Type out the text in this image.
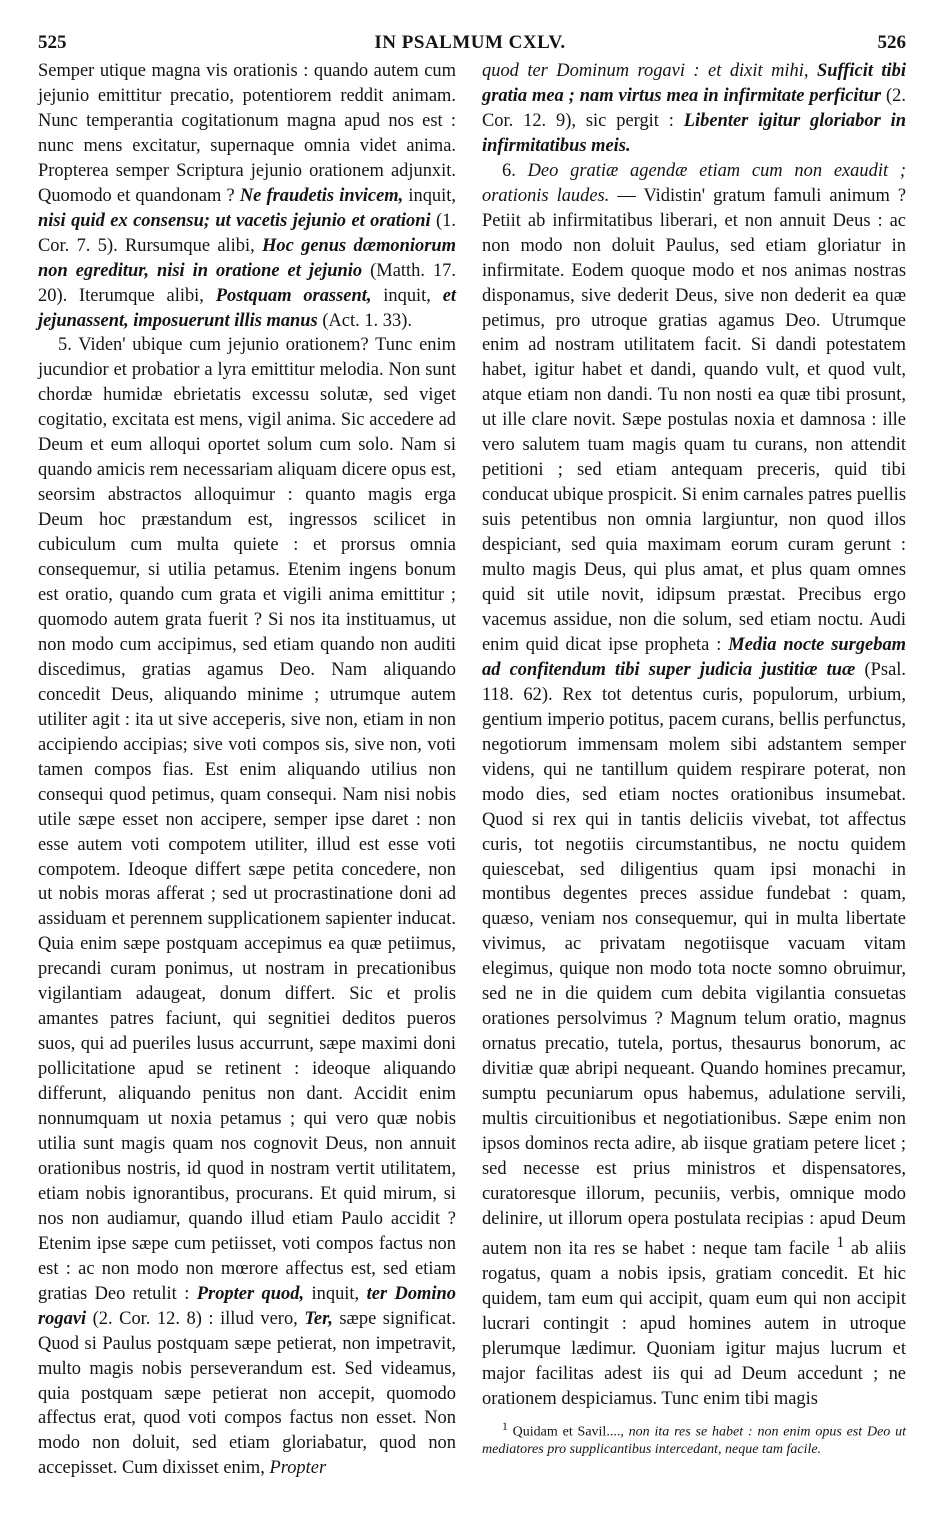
525	IN PSALMUM CXLV.	526

Semper utique magna vis orationis : quando autem cum jejunio emittitur precatio, potentiorem reddit animam. Nunc temperantia cogitationum magna apud nos est : nunc mens excitatur, supernaque omnia videt anima. Propterea semper Scriptura jejunio orationem adjunxit. Quomodo et quandonam ? Ne fraudetis invicem, inquit, nisi quid ex consensu; ut vacetis jejunio et orationi (1. Cor. 7. 5). Rursumque alibi, Hoc genus dæmoniorum non egreditur, nisi in oratione et jejunio (Matth. 17. 20). Iterumque alibi, Postquam orassent, inquit, et jejunassent, imposuerunt illis manus (Act. 1. 33).

5. Viden' ubique cum jejunio orationem? Tunc enim jucundior et probatior a lyra emittitur melodia. Non sunt chordæ humidæ ebrietatis excessu solutæ, sed viget cogitatio, excitata est mens, vigil anima. Sic accedere ad Deum et eum alloqui oportet solum cum solo. Nam si quando amicis rem necessariam aliquam dicere opus est, seorsim abstractos alloquimur : quanto magis erga Deum hoc præstandum est, ingressos scilicet in cubiculum cum multa quiete : et prorsus omnia consequemur, si utilia petamus. Etenim ingens bonum est oratio, quando cum grata et vigili anima emittitur ; quomodo autem grata fuerit ? Si nos ita instituamus, ut non modo cum accipimus, sed etiam quando non auditi discedimus, gratias agamus Deo. Nam aliquando concedit Deus, aliquando minime ; utrumque autem utiliter agit : ita ut sive acceperis, sive non, etiam in non accipiendo accipias; sive voti compos sis, sive non, voti tamen compos fias. Est enim aliquando utilius non consequi quod petimus, quam consequi. Nam nisi nobis utile sæpe esset non accipere, semper ipse daret : non esse autem voti compotem utiliter, illud est esse voti compotem. Ideoque differt sæpe petita concedere, non ut nobis moras afferat ; sed ut procrastinatione doni ad assiduam et perennem supplicationem sapienter inducat. Quia enim sæpe postquam accepimus ea quæ petiimus, precandi curam ponimus, ut nostram in precationibus vigilantiam adaugeat, donum differt. Sic et prolis amantes patres faciunt, qui segnitiei deditos pueros suos, qui ad pueriles lusus accurrunt, sæpe maximi doni pollicitatione apud se retinent : ideoque aliquando differunt, aliquando penitus non dant. Accidit enim nonnumquam ut noxia petamus ; qui vero quæ nobis utilia sunt magis quam nos cognovit Deus, non annuit orationibus nostris, id quod in nostram vertit utilitatem, etiam nobis ignorantibus, procurans. Et quid mirum, si nos non audiamur, quando illud etiam Paulo accidit ? Etenim ipse sæpe cum petiisset, voti compos factus non est : ac non modo non mœrore affectus est, sed etiam gratias Deo retulit : Propter quod, inquit, ter Domino rogavi (2. Cor. 12. 8) : illud vero, Ter, sæpe significat. Quod si Paulus postquam sæpe petierat, non impetravit, multo magis nobis perseverandum est. Sed videamus, quia postquam sæpe petierat non accepit, quomodo affectus erat, quod voti compos factus non esset. Non modo non doluit, sed etiam gloriabatur, quod non accepisset. Cum dixisset enim, Propter

quod ter Dominum rogavi : et dixit mihi, Sufficit tibi gratia mea ; nam virtus mea in infirmitate perficitur (2. Cor. 12. 9), sic pergit : Libenter igitur gloriabor in infirmitatibus meis.

6. Deo gratiæ agendæ etiam cum non exaudit ; orationis laudes. — Vidistin' gratum famuli animum ? Petiit ab infirmitatibus liberari, et non annuit Deus : ac non modo non doluit Paulus, sed etiam gloriatur in infirmitate. Eodem quoque modo et nos animas nostras disponamus, sive dederit Deus, sive non dederit ea quæ petimus, pro utroque gratias agamus Deo. Utrumque enim ad nostram utilitatem facit. Si dandi potestatem habet, igitur habet et dandi, quando vult, et quod vult, atque etiam non dandi. Tu non nosti ea quæ tibi prosunt, ut ille clare novit. Sæpe postulas noxia et damnosa : ille vero salutem tuam magis quam tu curans, non attendit petitioni ; sed etiam antequam preceris, quid tibi conducat ubique prospicit. Si enim carnales patres puellis suis petentibus non omnia largiuntur, non quod illos despiciant, sed quia maximam eorum curam gerunt : multo magis Deus, qui plus amat, et plus quam omnes quid sit utile novit, idipsum præstat. Precibus ergo vacemus assidue, non die solum, sed etiam noctu. Audi enim quid dicat ipse propheta : Media nocte surgebam ad confitendum tibi super judicia justitiæ tuæ (Psal. 118. 62). Rex tot detentus curis, populorum, urbium, gentium imperio potitus, pacem curans, bellis perfunctus, negotiorum immensam molem sibi adstantem semper videns, qui ne tantillum quidem respirare poterat, non modo dies, sed etiam noctes orationibus insumebat. Quod si rex qui in tantis deliciis vivebat, tot affectus curis, tot negotiis circumstantibus, ne noctu quidem quiescebat, sed diligentius quam ipsi monachi in montibus degentes preces assidue fundebat : quam, quæso, veniam nos consequemur, qui in multa libertate vivimus, ac privatam negotiisque vacuam vitam elegimus, quique non modo tota nocte somno obruimur, sed ne in die quidem cum debita vigilantia consuetas orationes persolvimus ? Magnum telum oratio, magnus ornatus precatio, tutela, portus, thesaurus bonorum, ac divitiæ quæ abripi nequeant. Quando homines precamur, sumptu pecuniarum opus habemus, adulatione servili, multis circuitionibus et negotiationibus. Sæpe enim non ipsos dominos recta adire, ab iisque gratiam petere licet ; sed necesse est prius ministros et dispensatores, curatoresque illorum, pecuniis, verbis, omnique modo delinire, ut illorum opera postulata recipias : apud Deum autem non ita res se habet : neque tam facile $^1$ ab aliis rogatus, quam a nobis ipsis, gratiam concedit. Et hic quidem, tam eum qui accipit, quam eum qui non accipit lucrari contingit : apud homines autem in utroque plerumque lædimur. Quoniam igitur majus lucrum et major facilitas adest iis qui ad Deum accedunt ; ne orationem despiciamus. Tunc enim tibi magis

$^1$ Quidam et Savil...., non ita res se habet : non enim opus est Deo ut mediatores pro supplicantibus intercedant, neque tam facile.
